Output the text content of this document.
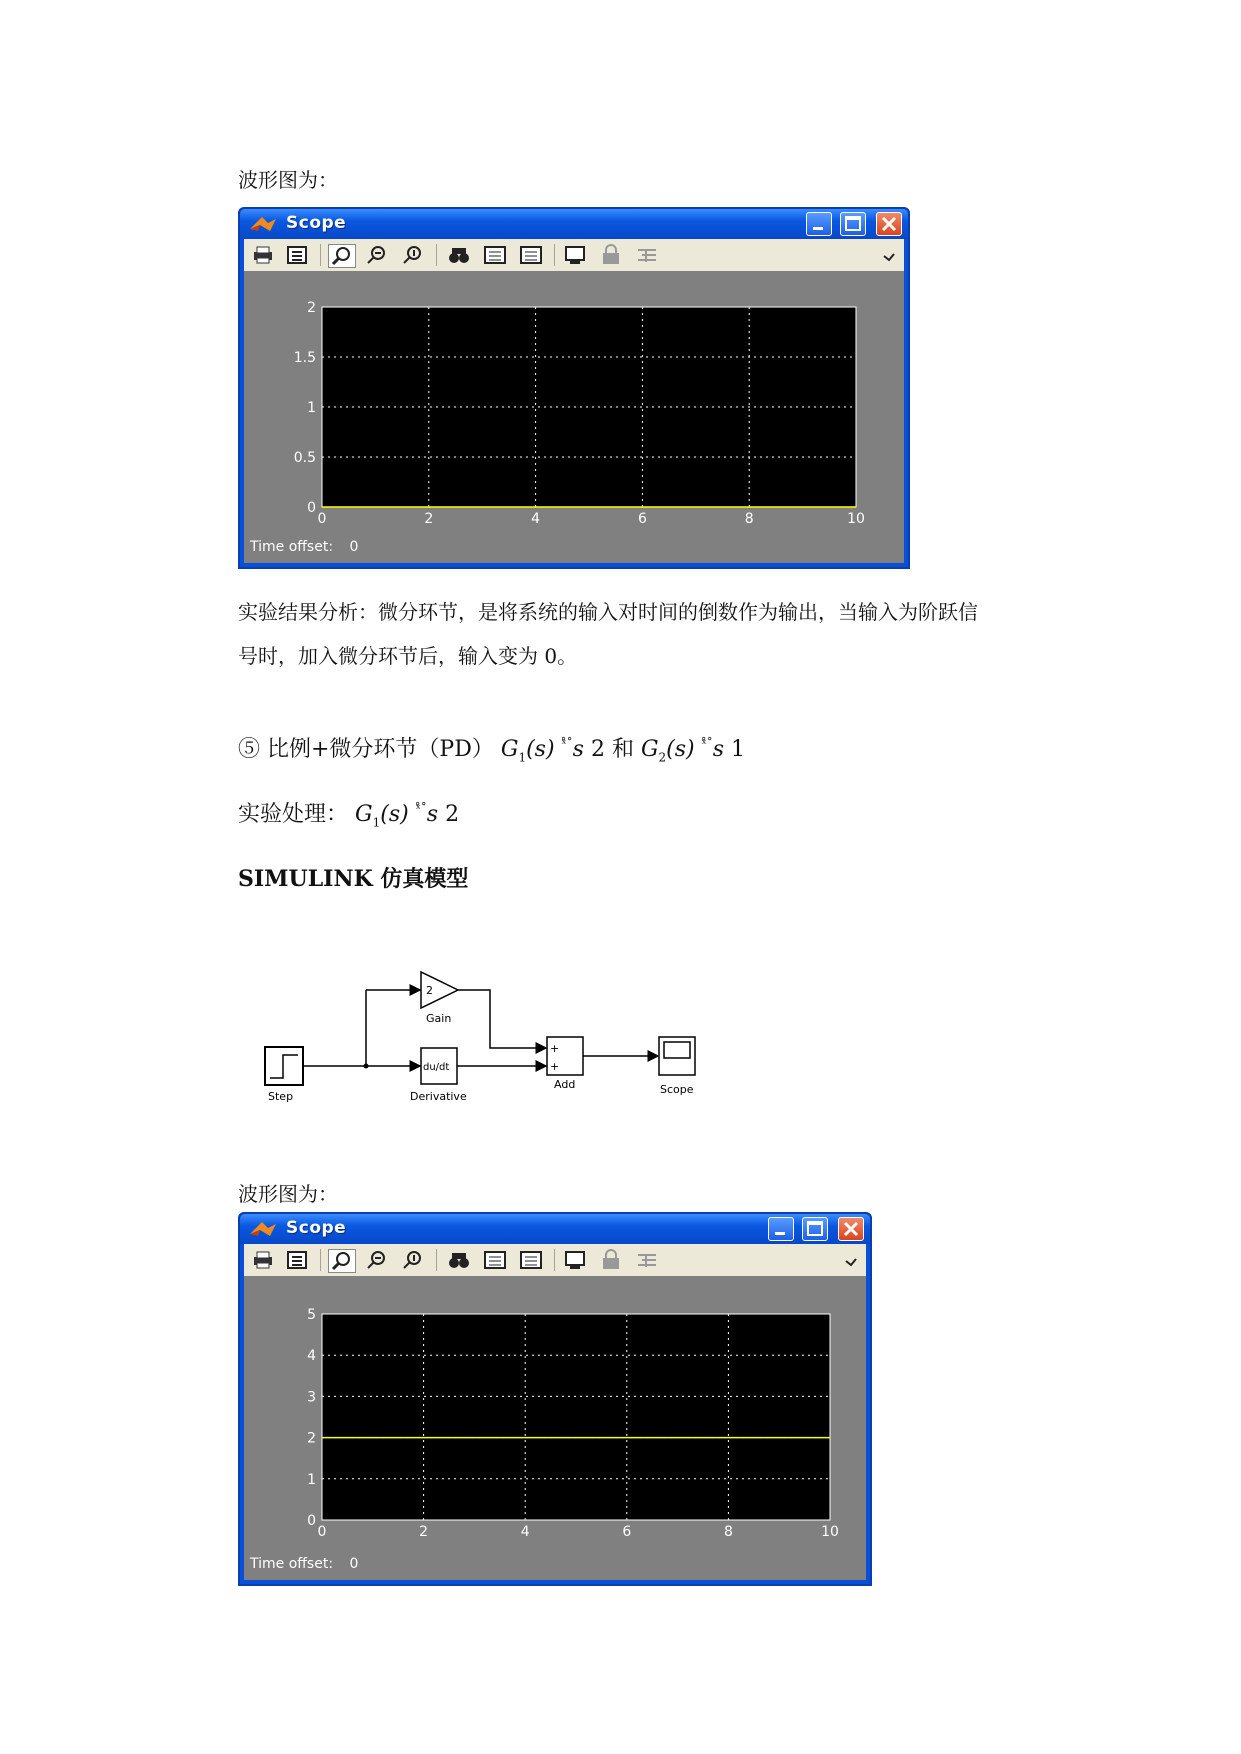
波形图为：
Scope
0	2	4	6	8	10
0
0.5
1
1.5
2
Time offset: 0
实验结果分析：微分环节，是将系统的输入对时间的倒数作为输出，当输入为阶跃信
号时，加入微分环节后，输入变为 0。
⑤ 比例+微分环节（PD） $G_1(s)$ $^{ˣ̊˚}$s 2 和 $G_2(s)$ $^{ˣ̊˚}$s 1
实验处理： $G_1(s)$ $^{ˣ̊˚}$s 2
SIMULINK 仿真模型
Step
2
Gain
du/dt
Derivative
+
+
Add	Scope
波形图为：
Scope
0	2	4	6	8	10
0
1
2
3
4
5
Time offset: 0
